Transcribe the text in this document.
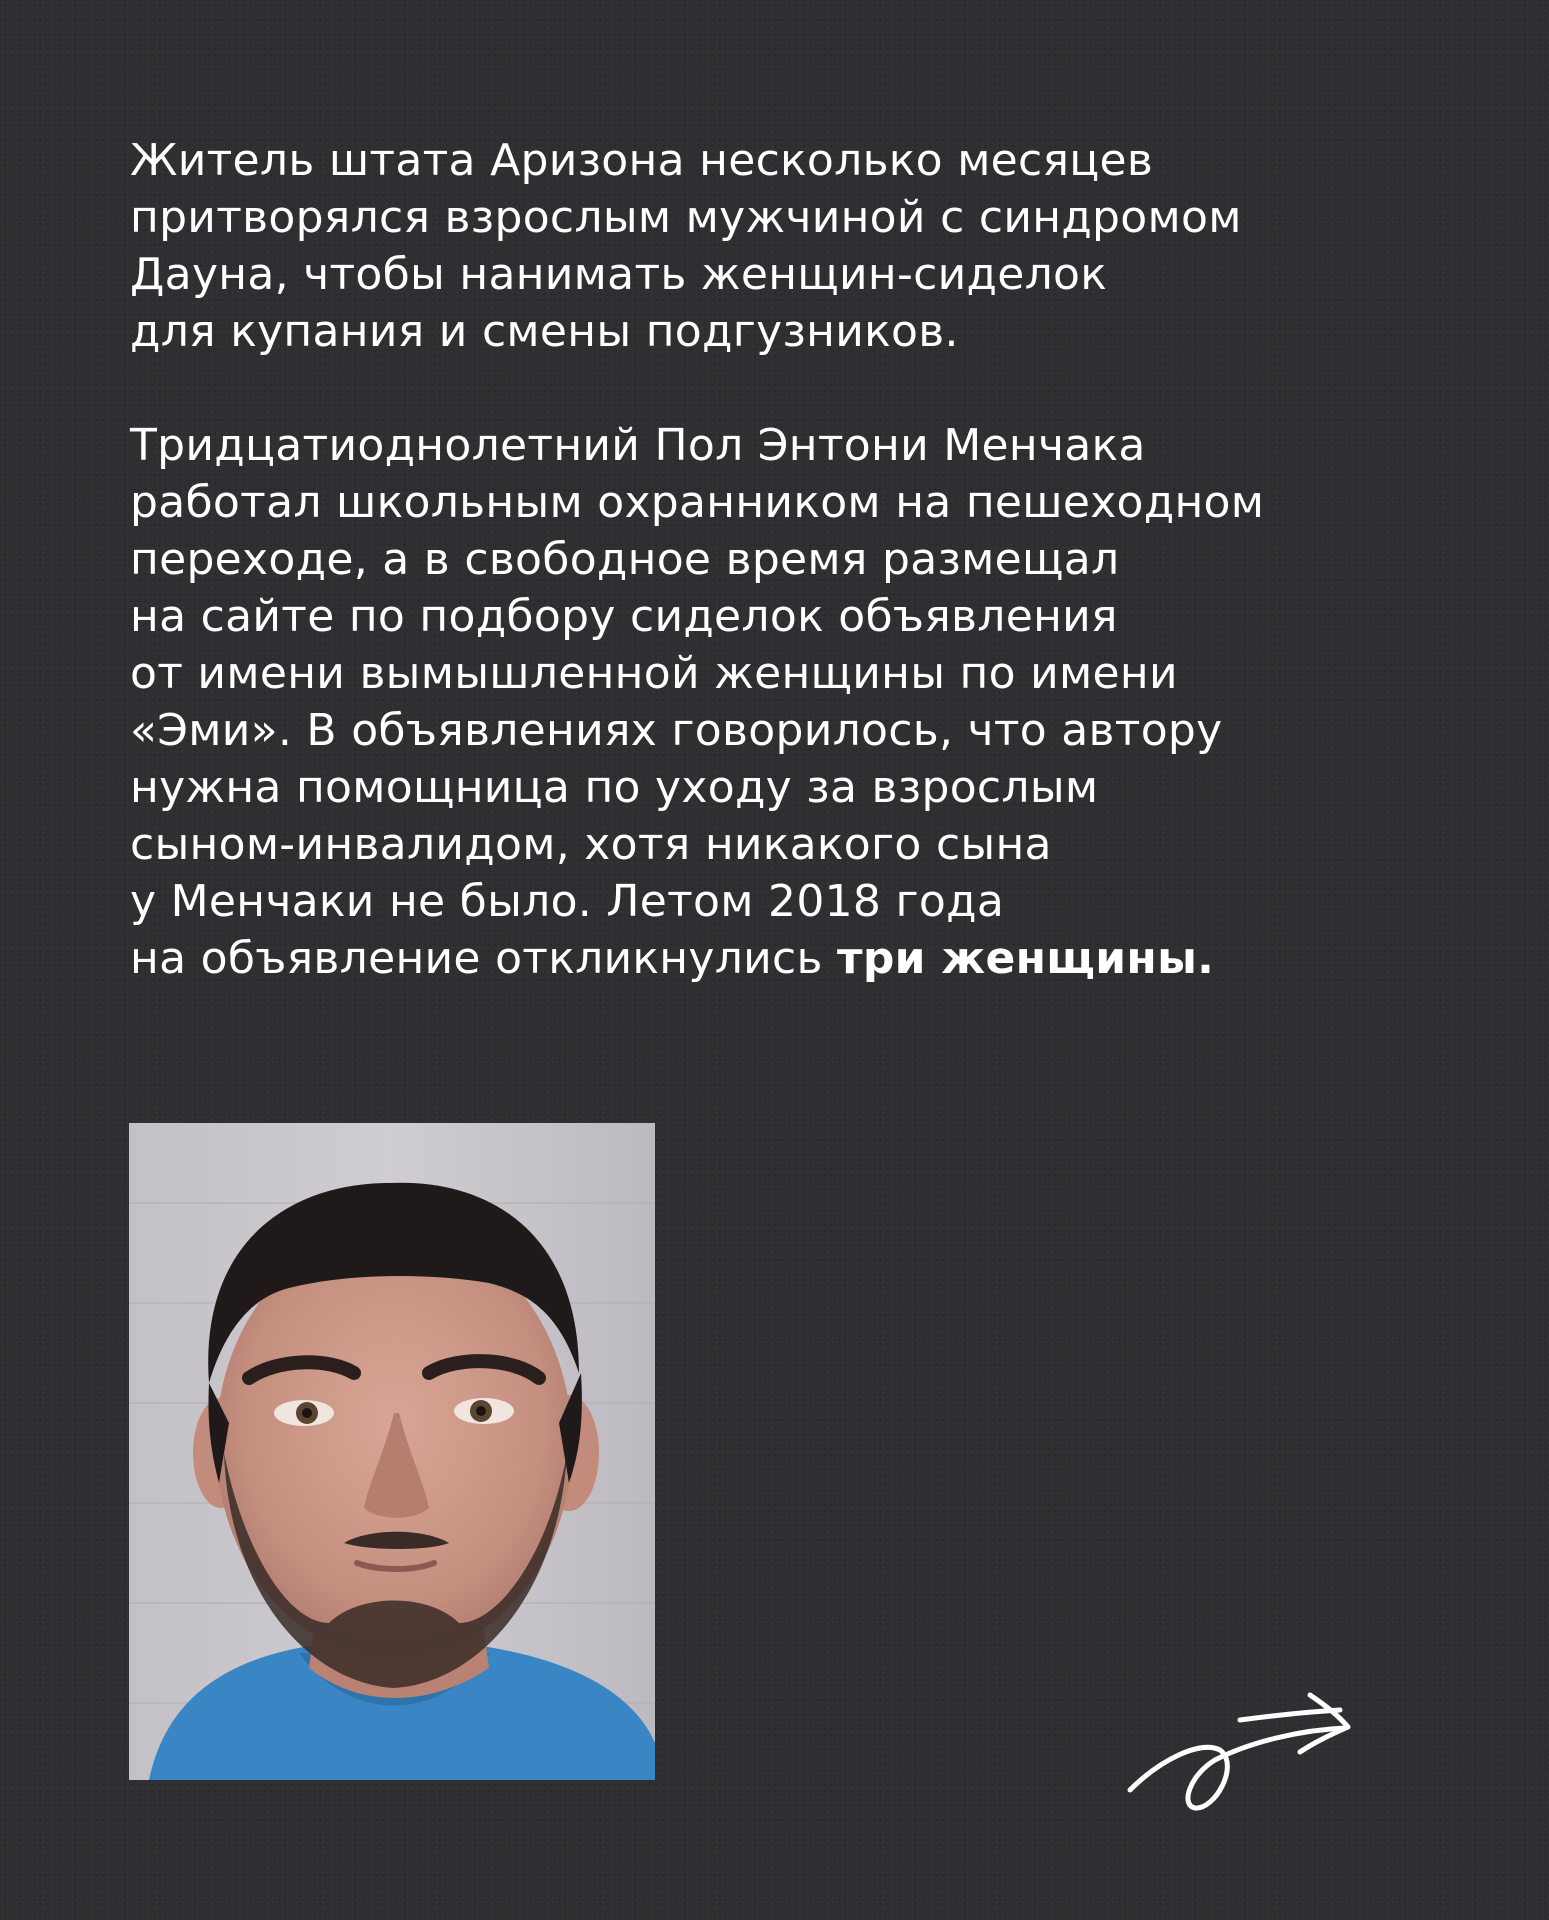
Житель штата Аризона несколько месяцев
притворялся взрослым мужчиной с синдромом
Дауна, чтобы нанимать женщин-сиделок
для купания и смены подгузников.

Тридцатиоднолетний Пол Энтони Менчака
работал школьным охранником на пешеходном
переходе, а в свободное время размещал
на сайте по подбору сиделок объявления
от имени вымышленной женщины по имени
«Эми». В объявлениях говорилось, что автору
нужна помощница по уходу за взрослым
сыном-инвалидом, хотя никакого сына
у Менчаки не было. Летом 2018 года
на объявление откликнулись три женщины.
